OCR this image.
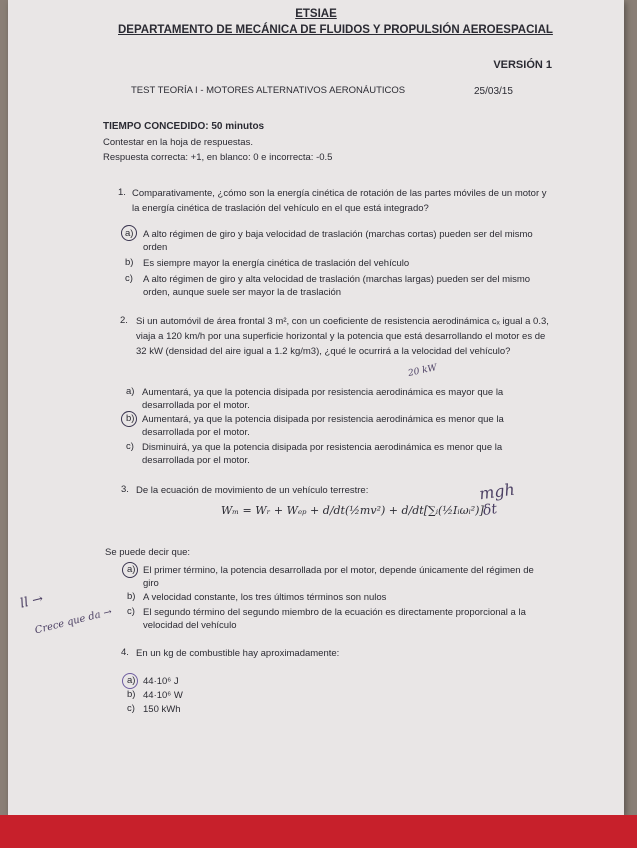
ETSIAE
DEPARTAMENTO DE MECÁNICA DE FLUIDOS Y PROPULSIÓN AEROESPACIAL
VERSIÓN 1
TEST TEORÍA I - MOTORES ALTERNATIVOS AERONÁUTICOS	25/03/15
TIEMPO CONCEDIDO: 50 minutos
Contestar en la hoja de respuestas.
Respuesta correcta: +1, en blanco: 0 e incorrecta: -0.5
1. Comparativamente, ¿cómo son la energía cinética de rotación de las partes móviles de un motor y la energía cinética de traslación del vehículo en el que está integrado?
a) A alto régimen de giro y baja velocidad de traslación (marchas cortas) pueden ser del mismo orden
b) Es siempre mayor la energía cinética de traslación del vehículo
c) A alto régimen de giro y alta velocidad de traslación (marchas largas) pueden ser del mismo orden, aunque suele ser mayor la de traslación
2. Si un automóvil de área frontal 3 m², con un coeficiente de resistencia aerodinámica cₓ igual a 0.3, viaja a 120 km/h por una superficie horizontal y la potencia que está desarrollando el motor es de 32 kW (densidad del aire igual a 1.2 kg/m3), ¿qué le ocurrirá a la velocidad del vehículo?
20 kW
a) Aumentará, ya que la potencia disipada por resistencia aerodinámica es mayor que la desarrollada por el motor.
b) Aumentará, ya que la potencia disipada por resistencia aerodinámica es menor que la desarrollada por el motor.
c) Disminuirá, ya que la potencia disipada por resistencia aerodinámica es menor que la desarrollada por el motor.
3. De la ecuación de movimiento de un vehículo terrestre:
Wₘ = Wᵣ + Wₑₚ + d/dt(½mv²) + d/dt[∑ᵢ(½Iᵢωᵢ²)]
mgh
δt
Se puede decir que:
a) El primer término, la potencia desarrollada por el motor, depende únicamente del régimen de giro
b) A velocidad constante, los tres últimos términos son nulos
c) El segundo término del segundo miembro de la ecuación es directamente proporcional a la velocidad del vehículo
ll →
Crece que da →
4. En un kg de combustible hay aproximadamente:
a) 44·10⁶ J
b) 44·10⁶ W
c) 150 kWh
